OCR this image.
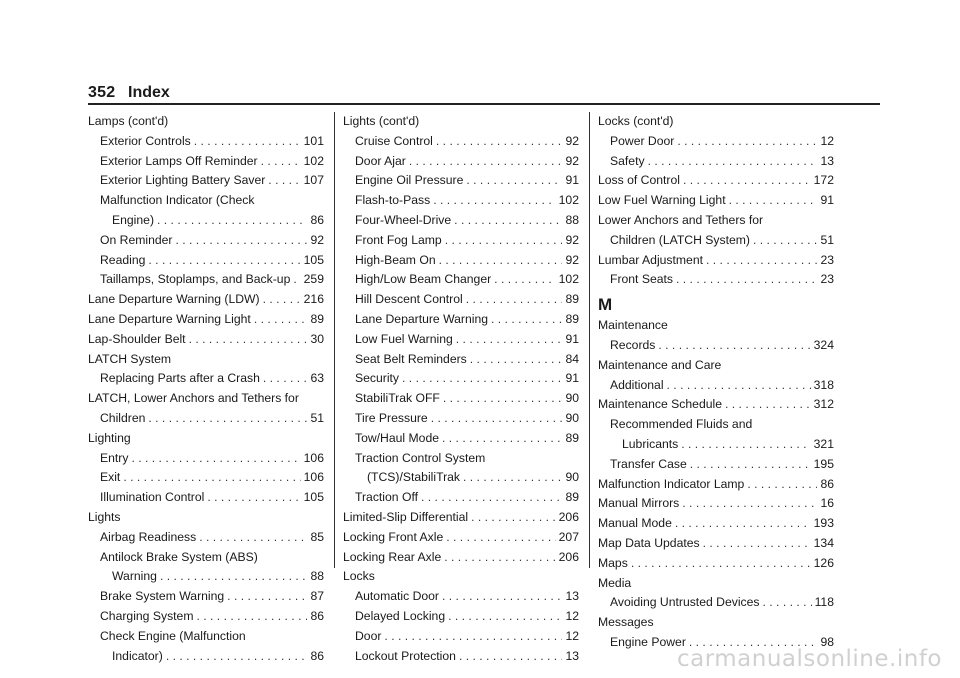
352 Index
Lamps (cont'd)
Exterior Controls . . .	101
Exterior Lamps Off Reminder . . .	102
Exterior Lighting Battery Saver . . .	107
Malfunction Indicator (Check
Engine) . . .	86
On Reminder . . .	92
Reading . . .	105
Taillamps, Stoplamps, and Back-up . . . 259
Lane Departure Warning (LDW) . . .	216
Lane Departure Warning Light . . .	89
Lap-Shoulder Belt . . .	30
LATCH System
Replacing Parts after a Crash . . .	63
LATCH, Lower Anchors and Tethers for
Children . . .	51
Lighting
Entry . . .	106
Exit . . .	106
Illumination Control . . .	105
Lights
Airbag Readiness . . .	85
Antilock Brake System (ABS)
Warning . . .	88
Brake System Warning . . .	87
Charging System . . .	86
Check Engine (Malfunction
Indicator) . . .	86
Lights (cont'd)
Cruise Control . . .	92
Door Ajar . . .	92
Engine Oil Pressure . . .	91
Flash-to-Pass . . .	102
Four-Wheel-Drive . . .	88
Front Fog Lamp . . .	92
High-Beam On . . .	92
High/Low Beam Changer . . .	102
Hill Descent Control . . .	89
Lane Departure Warning . . .	89
Low Fuel Warning . . .	91
Seat Belt Reminders . . .	84
Security . . .	91
StabiliTrak OFF . . .	90
Tire Pressure . . .	90
Tow/Haul Mode . . .	89
Traction Control System
(TCS)/StabiliTrak . . .	90
Traction Off . . .	89
Limited-Slip Differential . . .	206
Locking Front Axle . . .	207
Locking Rear Axle . . .	206
Locks
Automatic Door . . .	13
Delayed Locking . . .	12
Door . . .	12
Lockout Protection . . .	13
Locks (cont'd)
Power Door . . .	12
Safety . . .	13
Loss of Control . . .	172
Low Fuel Warning Light . . .	91
Lower Anchors and Tethers for
Children (LATCH System) . . .	51
Lumbar Adjustment . . .	23
Front Seats . . .	23
M
Maintenance
Records . . .	324
Maintenance and Care
Additional . . .	318
Maintenance Schedule . . .	312
Recommended Fluids and
Lubricants . . .	321
Transfer Case . . .	195
Malfunction Indicator Lamp . . .	86
Manual Mirrors . . .	16
Manual Mode . . .	193
Map Data Updates . . .	134
Maps . . .	126
Media
Avoiding Untrusted Devices . . .	118
Messages
Engine Power . . .	98
carmanualsonline.info
